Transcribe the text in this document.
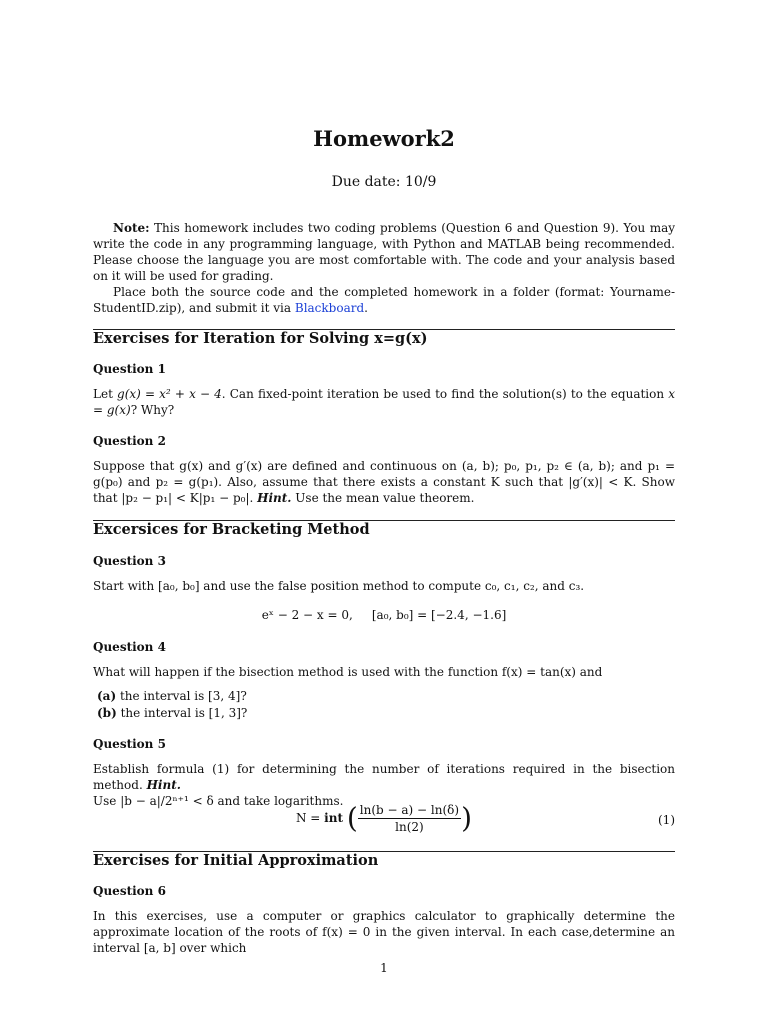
Homework2
Due date: 10/9
Note: This homework includes two coding problems (Question 6 and Question 9). You may write the code in any programming language, with Python and MATLAB being recommended. Please choose the language you are most comfortable with. The code and your analysis based on it will be used for grading.
Place both the source code and the completed homework in a folder (format: Yourname-StudentID.zip), and submit it via Blackboard.
Exercises for Iteration for Solving x=g(x)
Question 1
Let g(x) = x² + x − 4. Can fixed-point iteration be used to find the solution(s) to the equation x = g(x)? Why?
Question 2
Suppose that g(x) and g′(x) are defined and continuous on (a, b); p₀, p₁, p₂ ∈ (a, b); and p₁ = g(p₀) and p₂ = g(p₁). Also, assume that there exists a constant K such that |g′(x)| < K. Show that |p₂ − p₁| < K|p₁ − p₀|. Hint. Use the mean value theorem.
Excersices for Bracketing Method
Question 3
Start with [a₀, b₀] and use the false position method to compute c₀, c₁, c₂, and c₃.
eˣ − 2 − x = 0,     [a₀, b₀] = [−2.4, −1.6]
Question 4
What will happen if the bisection method is used with the function f(x) = tan(x) and
(a) the interval is [3, 4]?
(b) the interval is [1, 3]?
Question 5
Establish formula (1) for determining the number of iterations required in the bisection method. Hint.
Use |b − a|/2ⁿ⁺¹ < δ and take logarithms.
N = int ( $\frac{\ln(b - a) - \ln(\delta)}{\ln(2)}$ )	(1)
Exercises for Initial Approximation
Question 6
In this exercises, use a computer or graphics calculator to graphically determine the approximate location of the roots of f(x) = 0 in the given interval. In each case,determine an interval [a, b] over which
1
